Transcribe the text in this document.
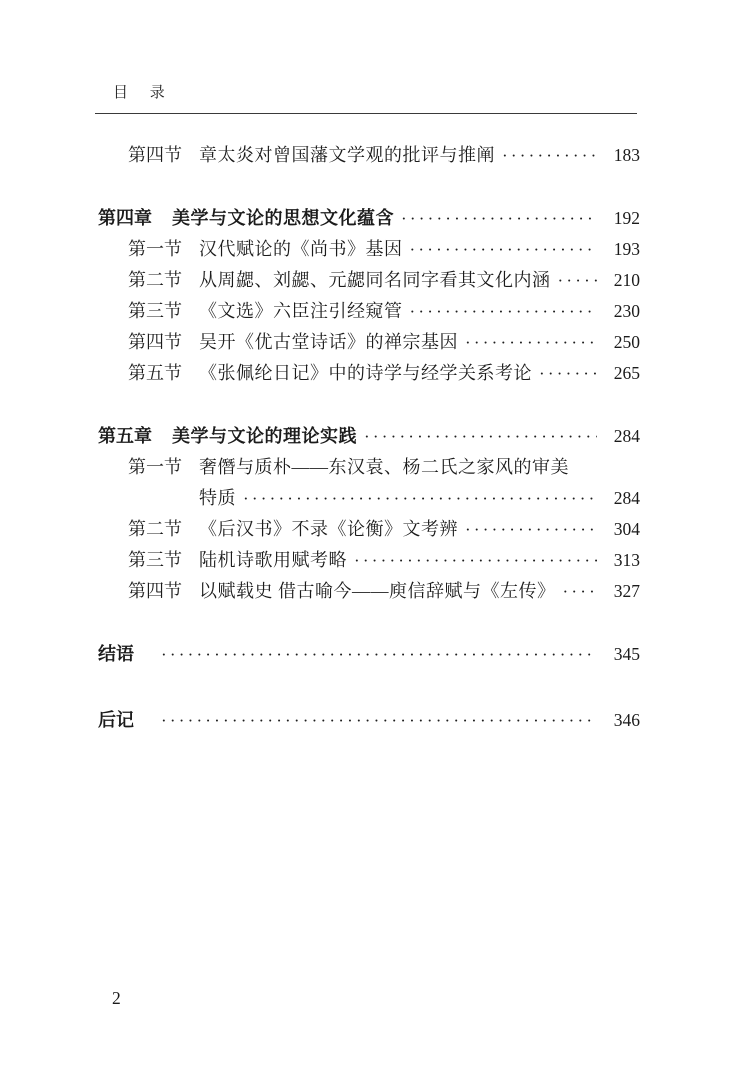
目 录
第四节 章太炎对曾国藩文学观的批评与推阐 ·····	183
第四章 美学与文论的思想文化蕴含 ·····	192
第一节 汉代赋论的《尚书》基因 ·····	193
第二节 从周勰、刘勰、元勰同名同字看其文化内涵 ·····	210
第三节 《文选》六臣注引经窥管 ·····	230
第四节 吴开《优古堂诗话》的禅宗基因 ·····	250
第五节 《张佩纶日记》中的诗学与经学关系考论 ·····	265
第五章 美学与文论的理论实践 ·····	284
第一节 奢僭与质朴——东汉袁、杨二氏之家风的审美
特质 ·····	284
第二节 《后汉书》不录《论衡》文考辨 ·····	304
第三节 陆机诗歌用赋考略 ·····	313
第四节 以赋载史 借古喻今——庾信辞赋与《左传》 ·····	327
结语 ·····	345
后记 ·····	346
2
